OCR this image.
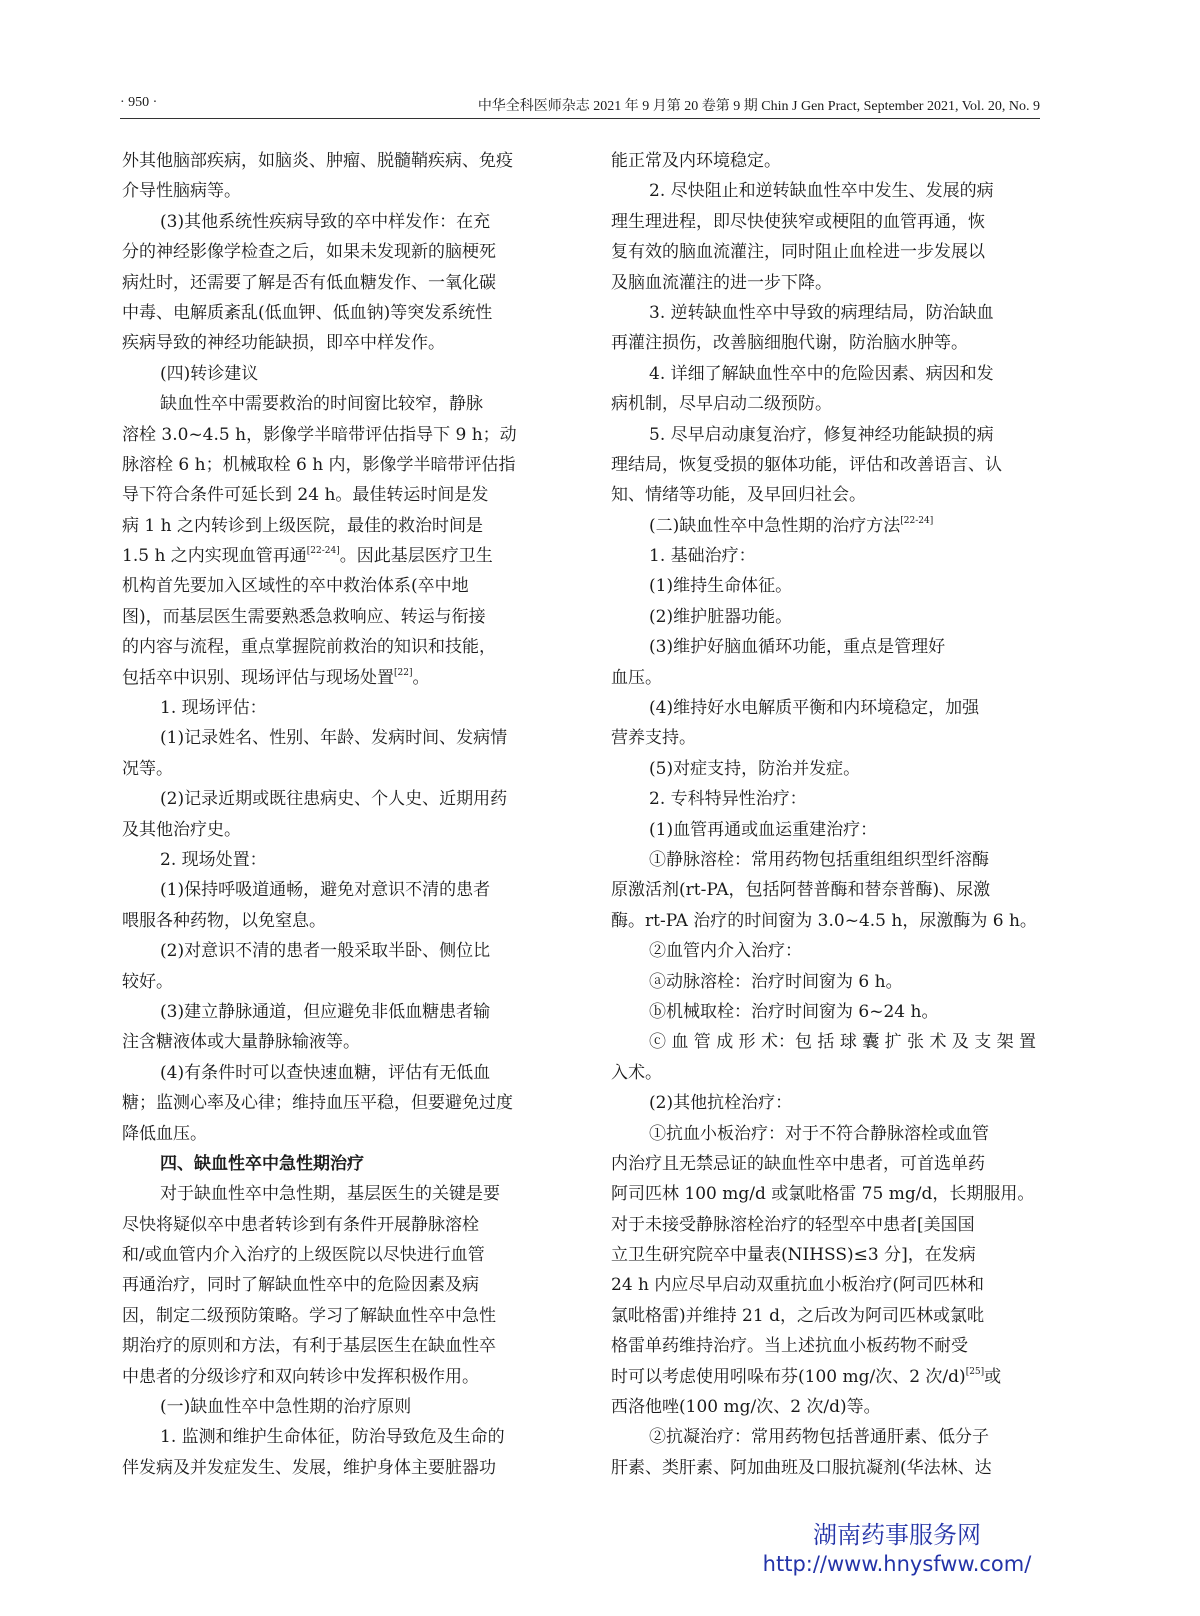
· 950 ·	中华全科医师杂志 2021 年 9 月第 20 卷第 9 期 Chin J Gen Pract, September 2021, Vol. 20, No. 9
外其他脑部疾病，如脑炎、肿瘤、脱髓鞘疾病、免疫
介导性脑病等。
(3)其他系统性疾病导致的卒中样发作：在充
分的神经影像学检查之后，如果未发现新的脑梗死
病灶时，还需要了解是否有低血糖发作、一氧化碳
中毒、电解质紊乱(低血钾、低血钠)等突发系统性
疾病导致的神经功能缺损，即卒中样发作。
(四)转诊建议
缺血性卒中需要救治的时间窗比较窄，静脉
溶栓 3.0~4.5 h，影像学半暗带评估指导下 9 h；动
脉溶栓 6 h；机械取栓 6 h 内，影像学半暗带评估指
导下符合条件可延长到 24 h。最佳转运时间是发
病 1 h 之内转诊到上级医院，最佳的救治时间是
1.5 h 之内实现血管再通[22-24]。因此基层医疗卫生
机构首先要加入区域性的卒中救治体系(卒中地
图)，而基层医生需要熟悉急救响应、转运与衔接
的内容与流程，重点掌握院前救治的知识和技能，
包括卒中识别、现场评估与现场处置[22]。
1. 现场评估：
(1)记录姓名、性别、年龄、发病时间、发病情
况等。
(2)记录近期或既往患病史、个人史、近期用药
及其他治疗史。
2. 现场处置：
(1)保持呼吸道通畅，避免对意识不清的患者
喂服各种药物，以免窒息。
(2)对意识不清的患者一般采取半卧、侧位比
较好。
(3)建立静脉通道，但应避免非低血糖患者输
注含糖液体或大量静脉输液等。
(4)有条件时可以查快速血糖，评估有无低血
糖；监测心率及心律；维持血压平稳，但要避免过度
降低血压。
四、缺血性卒中急性期治疗
对于缺血性卒中急性期，基层医生的关键是要
尽快将疑似卒中患者转诊到有条件开展静脉溶栓
和/或血管内介入治疗的上级医院以尽快进行血管
再通治疗，同时了解缺血性卒中的危险因素及病
因，制定二级预防策略。学习了解缺血性卒中急性
期治疗的原则和方法，有利于基层医生在缺血性卒
中患者的分级诊疗和双向转诊中发挥积极作用。
(一)缺血性卒中急性期的治疗原则
1. 监测和维护生命体征，防治导致危及生命的
伴发病及并发症发生、发展，维护身体主要脏器功
能正常及内环境稳定。
2. 尽快阻止和逆转缺血性卒中发生、发展的病
理生理进程，即尽快使狭窄或梗阻的血管再通，恢
复有效的脑血流灌注，同时阻止血栓进一步发展以
及脑血流灌注的进一步下降。
3. 逆转缺血性卒中导致的病理结局，防治缺血
再灌注损伤，改善脑细胞代谢，防治脑水肿等。
4. 详细了解缺血性卒中的危险因素、病因和发
病机制，尽早启动二级预防。
5. 尽早启动康复治疗，修复神经功能缺损的病
理结局，恢复受损的躯体功能，评估和改善语言、认
知、情绪等功能，及早回归社会。
(二)缺血性卒中急性期的治疗方法[22-24]
1. 基础治疗：
(1)维持生命体征。
(2)维护脏器功能。
(3)维护好脑血循环功能，重点是管理好
血压。
(4)维持好水电解质平衡和内环境稳定，加强
营养支持。
(5)对症支持，防治并发症。
2. 专科特异性治疗：
(1)血管再通或血运重建治疗：
①静脉溶栓：常用药物包括重组组织型纤溶酶
原激活剂(rt-PA，包括阿替普酶和替奈普酶)、尿激
酶。rt-PA 治疗的时间窗为 3.0~4.5 h，尿激酶为 6 h。
②血管内介入治疗：
ⓐ动脉溶栓：治疗时间窗为 6 h。
ⓑ机械取栓：治疗时间窗为 6~24 h。
ⓒ 血 管 成 形 术：包 括 球 囊 扩 张 术 及 支 架 置
入术。
(2)其他抗栓治疗：
①抗血小板治疗：对于不符合静脉溶栓或血管
内治疗且无禁忌证的缺血性卒中患者，可首选单药
阿司匹林 100 mg/d 或氯吡格雷 75 mg/d，长期服用。
对于未接受静脉溶栓治疗的轻型卒中患者[美国国
立卫生研究院卒中量表(NIHSS)≤3 分]，在发病
24 h 内应尽早启动双重抗血小板治疗(阿司匹林和
氯吡格雷)并维持 21 d，之后改为阿司匹林或氯吡
格雷单药维持治疗。当上述抗血小板药物不耐受
时可以考虑使用吲哚布芬(100 mg/次、2 次/d)[25]或
西洛他唑(100 mg/次、2 次/d)等。
②抗凝治疗：常用药物包括普通肝素、低分子
肝素、类肝素、阿加曲班及口服抗凝剂(华法林、达
湖南药事服务网
http://www.hnysfww.com/
